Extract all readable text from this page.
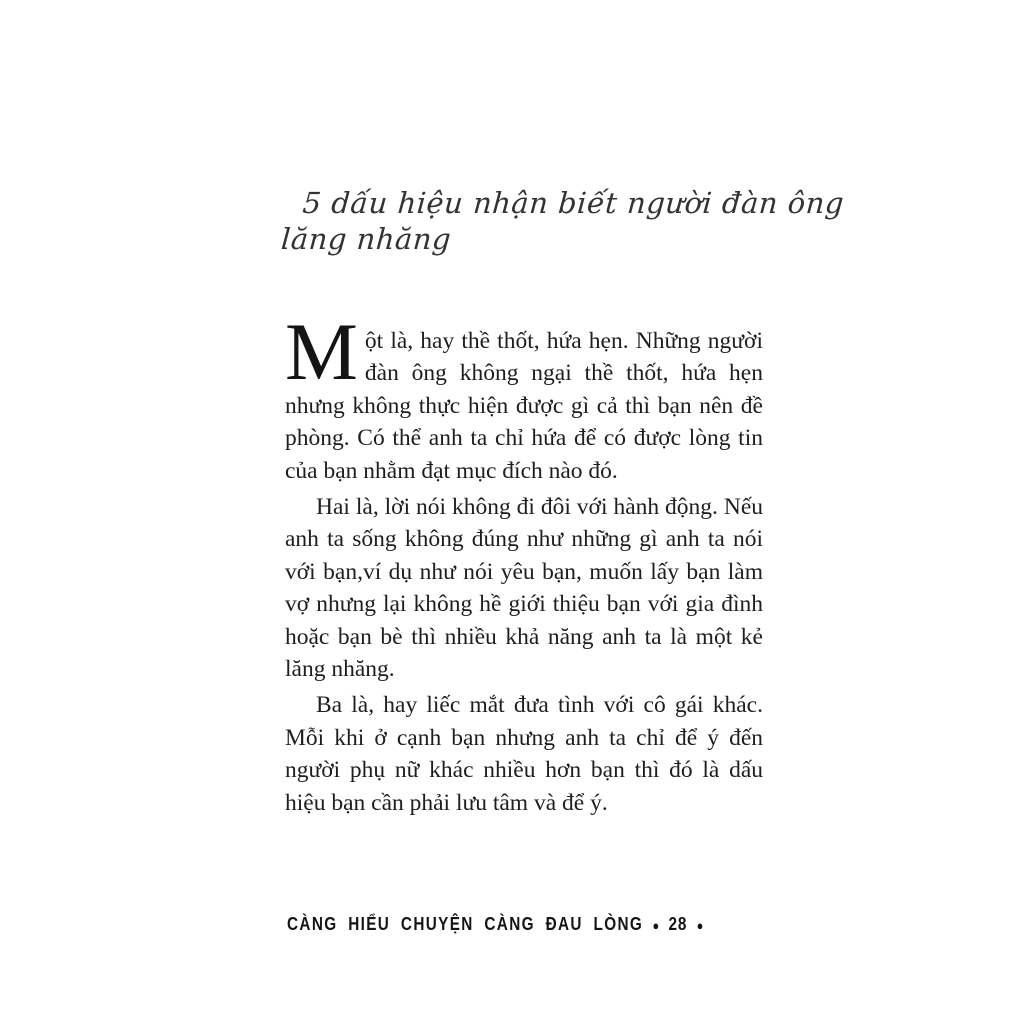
5 dấu hiệu nhận biết người đàn ông
lăng nhăng

Một là, hay thề thốt, hứa hẹn. Những người đàn ông không ngại thề thốt, hứa hẹn nhưng không thực hiện được gì cả thì bạn nên đề phòng. Có thể anh ta chỉ hứa để có được lòng tin của bạn nhằm đạt mục đích nào đó.

Hai là, lời nói không đi đôi với hành động. Nếu anh ta sống không đúng như những gì anh ta nói với bạn,ví dụ như nói yêu bạn, muốn lấy bạn làm vợ nhưng lại không hề giới thiệu bạn với gia đình hoặc bạn bè thì nhiều khả năng anh ta là một kẻ lăng nhăng.

Ba là, hay liếc mắt đưa tình với cô gái khác. Mỗi khi ở cạnh bạn nhưng anh ta chỉ để ý đến người phụ nữ khác nhiều hơn bạn thì đó là dấu hiệu bạn cần phải lưu tâm và để ý.

CÀNG HIỂU CHUYỆN CÀNG ĐAU LÒNG ● 28 ●
